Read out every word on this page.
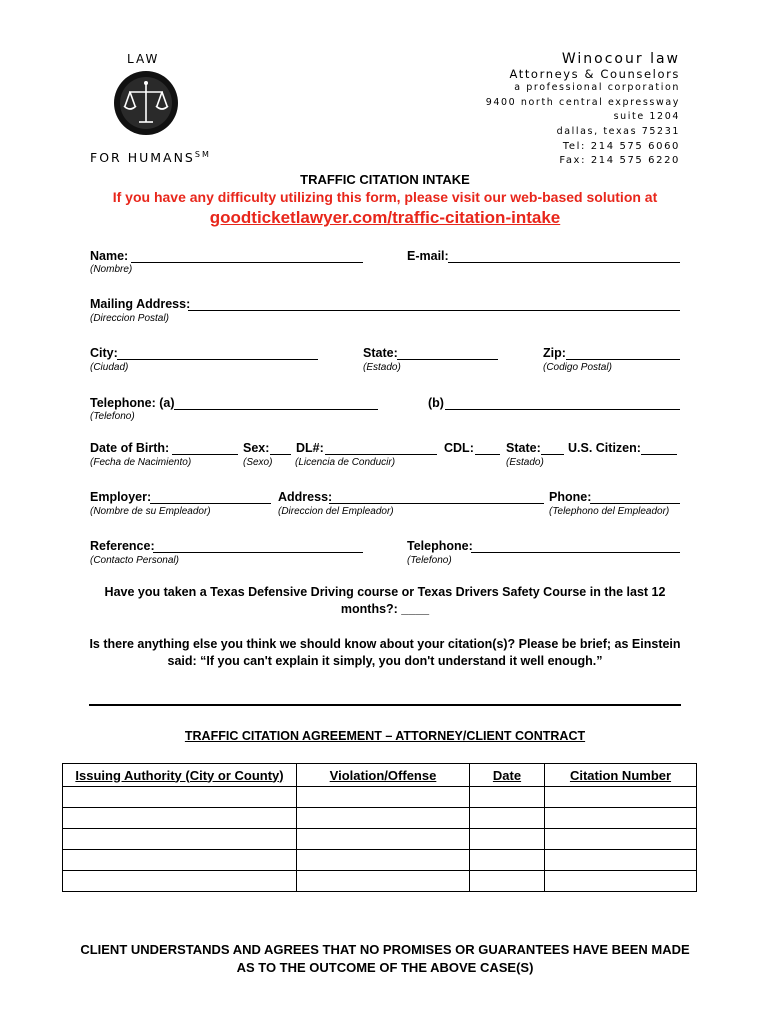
LAW
FOR HUMANS℠
Winocour law
Attorneys & Counselors
a professional corporation
9400 north central expressway
suite 1204
dallas, texas 75231
Tel: 214 575 6060
Fax: 214 575 6220
TRAFFIC CITATION INTAKE
If you have any difficulty utilizing this form, please visit our web-based solution at
goodticketlawyer.com/traffic-citation-intake
Name:
(Nombre)
E-mail:
Mailing Address:
(Direccion Postal)
City:
(Ciudad)
State:
(Estado)
Zip:
(Codigo Postal)
Telephone: (a)
(Telefono)
(b)
Date of Birth:
(Fecha de Nacimiento)
Sex:
(Sexo)
DL#:
(Licencia de Conducir)
CDL:	State:
(Estado)
U.S. Citizen:
Employer:
(Nombre de su Empleador)
Address:
(Direccion del Empleador)
Phone:
(Telephono del Empleador)
Reference:
(Contacto Personal)
Telephone:
(Telefono)
Have you taken a Texas Defensive Driving course or Texas Drivers Safety Course in the last 12
months?: ____
Is there anything else you think we should know about your citation(s)? Please be brief; as Einstein
said: “If you can't explain it simply, you don't understand it well enough.”
TRAFFIC CITATION AGREEMENT – ATTORNEY/CLIENT CONTRACT
Issuing Authority (City or County)	Violation/Offense	Date	Citation Number

CLIENT UNDERSTANDS AND AGREES THAT NO PROMISES OR GUARANTEES HAVE BEEN MADE
AS TO THE OUTCOME OF THE ABOVE CASE(S)
